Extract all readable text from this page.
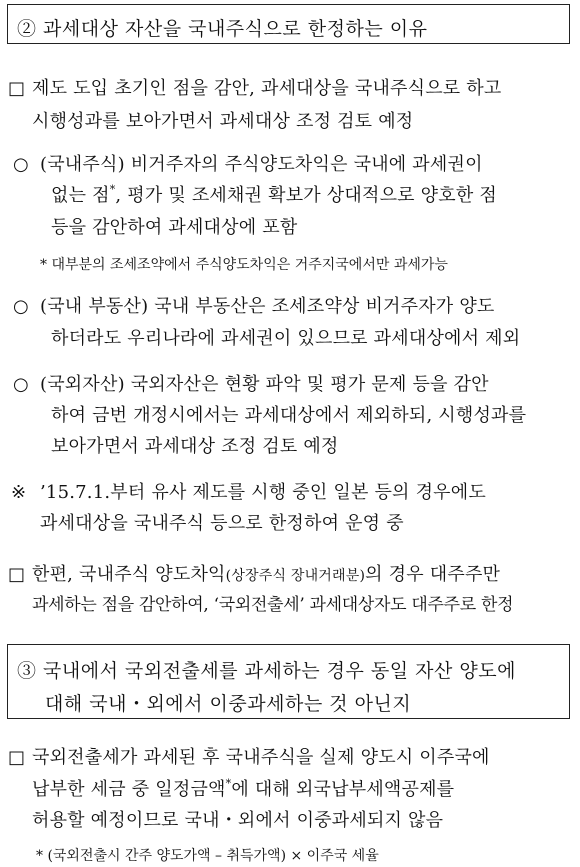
② 과세대상 자산을 국내주식으로 한정하는 이유
□ 제도 도입 초기인 점을 감안, 과세대상을 국내주식으로 하고
시행성과를 보아가면서 과세대상 조정 검토 예정
○ (국내주식) 비거주자의 주식양도차익은 국내에 과세권이
없는 점*, 평가 및 조세채권 확보가 상대적으로 양호한 점
등을 감안하여 과세대상에 포함
* 대부분의 조세조약에서 주식양도차익은 거주지국에서만 과세가능
○ (국내 부동산) 국내 부동산은 조세조약상 비거주자가 양도
하더라도 우리나라에 과세권이 있으므로 과세대상에서 제외
○ (국외자산) 국외자산은 현황 파악 및 평가 문제 등을 감안
하여 금번 개정시에서는 과세대상에서 제외하되, 시행성과를
보아가면서 과세대상 조정 검토 예정
※ ’15.7.1.부터 유사 제도를 시행 중인 일본 등의 경우에도
과세대상을 국내주식 등으로 한정하여 운영 중
□ 한편, 국내주식 양도차익(상장주식 장내거래분)의 경우 대주주만
과세하는 점을 감안하여, ‘국외전출세’ 과세대상자도 대주주로 한정
③ 국내에서 국외전출세를 과세하는 경우 동일 자산 양도에
대해 국내・외에서 이중과세하는 것 아닌지
□ 국외전출세가 과세된 후 국내주식을 실제 양도시 이주국에
납부한 세금 중 일정금액*에 대해 외국납부세액공제를
허용할 예정이므로 국내・외에서 이중과세되지 않음
* (국외전출시 간주 양도가액 – 취득가액) × 이주국 세율
